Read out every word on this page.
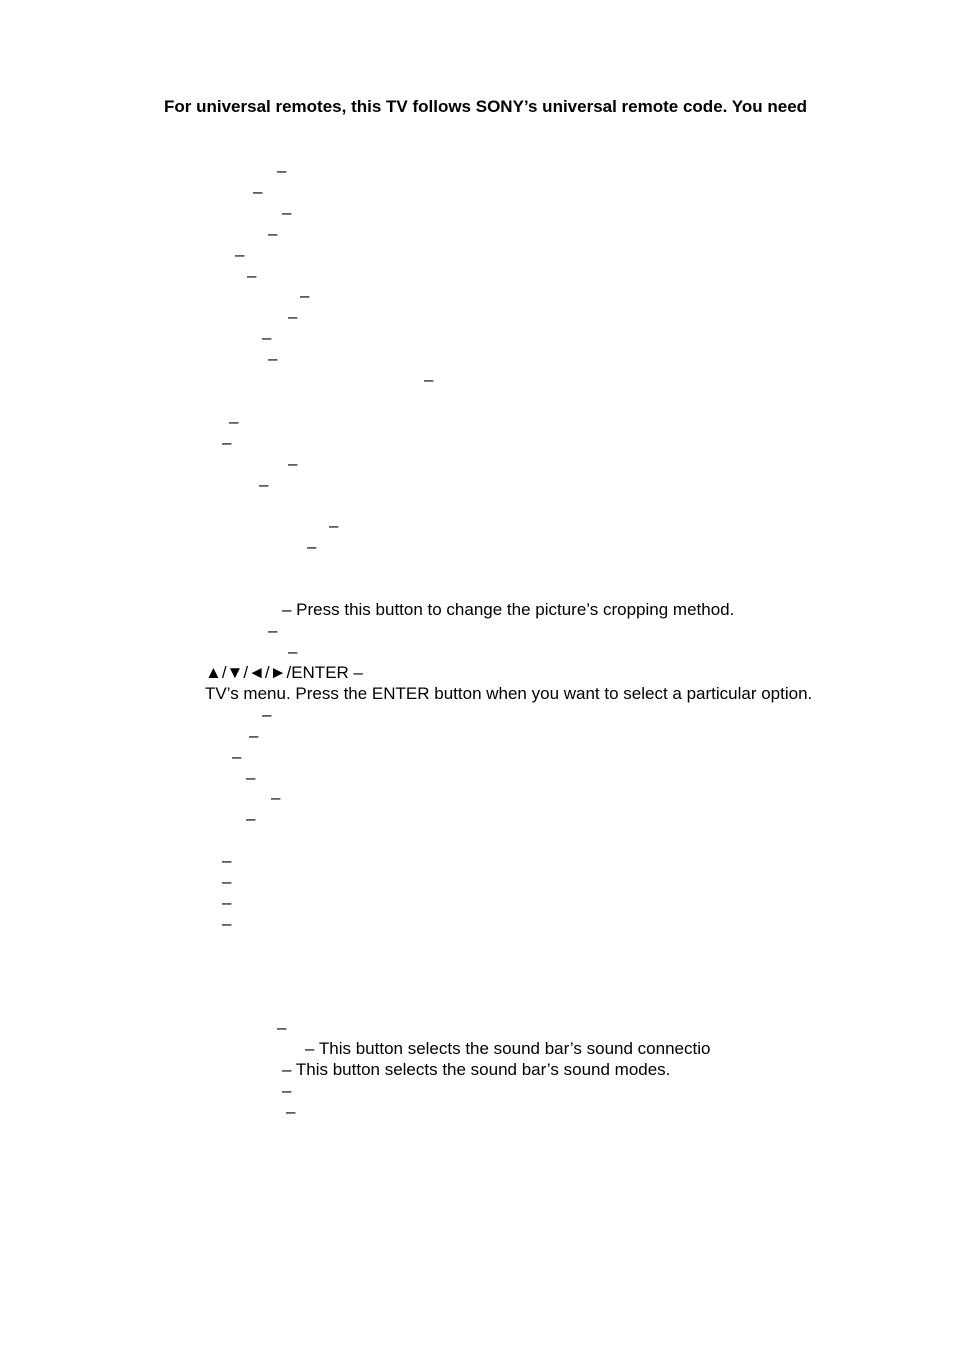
For universal remotes, this TV follows SONY’s universal remote code. You need
–
–
–
–
–
–
–
–
–
–
–
–
–
–
–
–
–
– Press this button to change the picture’s cropping method.
–
–
▲/▼/◄/►/ENTER –
TV’s menu. Press the ENTER button when you want to select a particular option.
–
–
–
–
–
–
–
–
–
–
–
– This button selects the sound bar’s sound connectio
– This button selects the sound bar’s sound modes.
–
–
